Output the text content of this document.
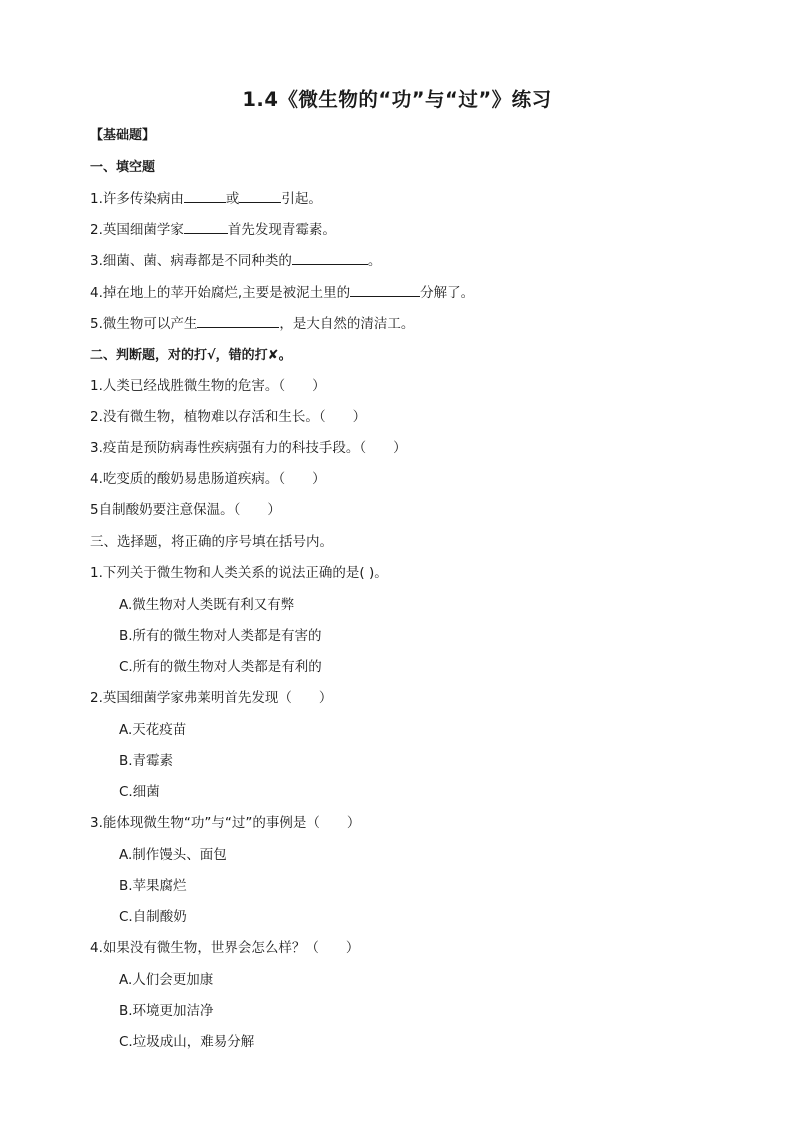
1.4《微生物的“功”与“过”》练习
【基础题】
一、填空题
1.许多传染病由	或	引起。
2.英国细菌学家	首先发现青霉素。
3.细菌、菌、病毒都是不同种类的	。
4.掉在地上的苹开始腐烂,主要是被泥土里的	分解了。
5.微生物可以产生	，是大自然的清洁工。
二、判断题，对的打√，错的打✘。
1.人类已经战胜微生物的危害。（　　）
2.没有微生物，植物难以存活和生长。（　　）
3.疫苗是预防病毒性疾病强有力的科技手段。（　　）
4.吃变质的酸奶易患肠道疾病。（　　）
5自制酸奶要注意保温。（　　）
三、选择题，将正确的序号填在括号内。
1.下列关于微生物和人类关系的说法正确的是( )。
A.微生物对人类既有利又有弊
B.所有的微生物对人类都是有害的
C.所有的微生物对人类都是有利的
2.英国细菌学家弗莱明首先发现（　　）
A.天花疫苗
B.青霉素
C.细菌
3.能体现微生物“功”与“过”的事例是（　　）
A.制作馒头、面包
B.苹果腐烂
C.自制酸奶
4.如果没有微生物，世界会怎么样？（　　）
A.人们会更加康
B.环境更加洁净
C.垃圾成山，难易分解
